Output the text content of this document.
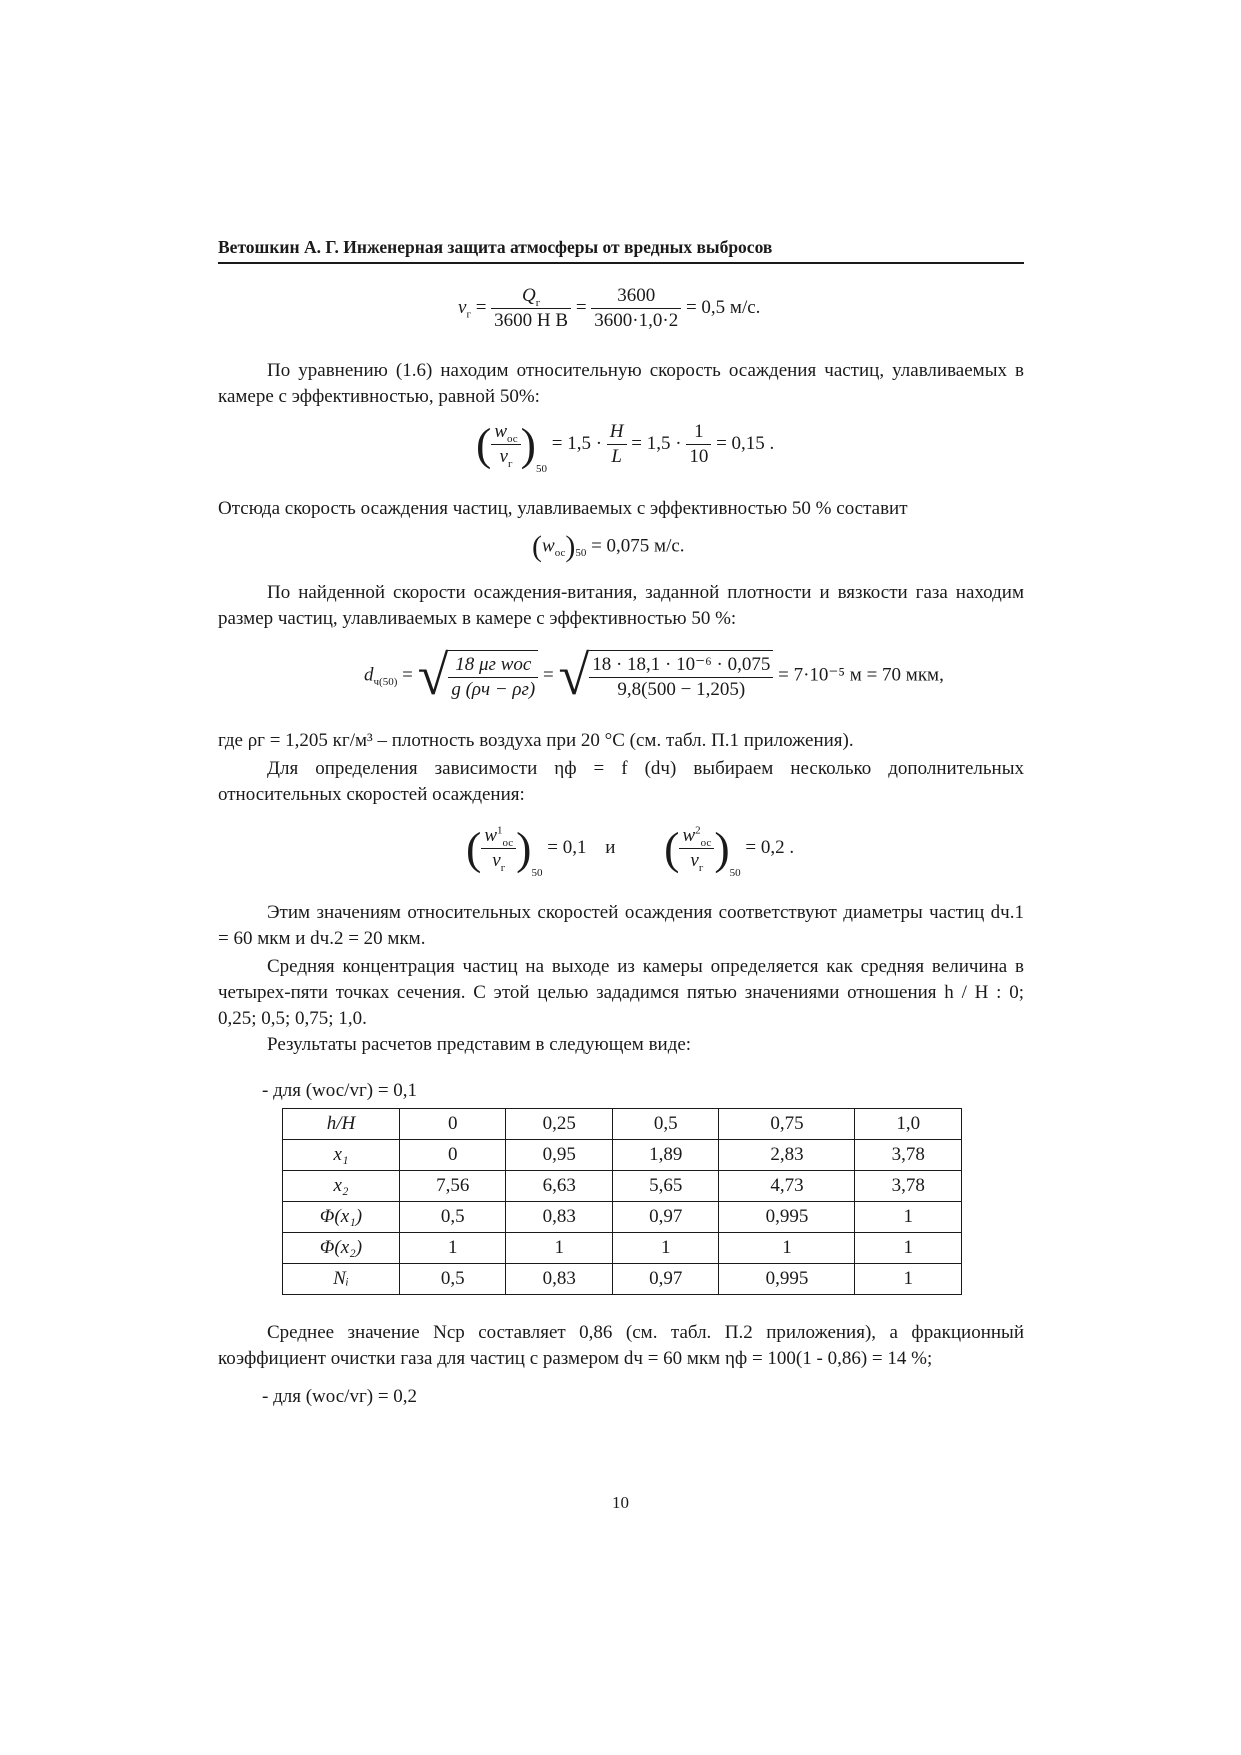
Ветошкин А. Г. Инженерная защита атмосферы от вредных выбросов
$v_г = \frac{Q_г}{\text{3600 H B}} = \frac{3600}{3600\cdot 1,0\cdot 2} = 0,5$ м/с.
По уравнению (1.6) находим относительную скорость осаждения частиц, улавливаемых в камере с эффективностью, равной 50%:
( $\frac{w_{ос}}{v_г} )_{50} = 1,5 \cdot \frac{H}{L} = 1,5 \cdot \frac{1}{10} = 0,15$ .
Отсюда скорость осаждения частиц, улавливаемых с эффективностью 50 % составит
$(w_{ос})_{50} = 0,075$ м/с.
По найденной скорости осаждения-витания, заданной плотности и вязкости газа находим размер частиц, улавливаемых в камере с эффективностью 50 %:
$d_{ч(50)}$ = √ $\frac{\text{18 μг wос}}{g (\rho ч - \rho г)}$ = √ $\frac{\text{18 · 18,1 · 10⁻⁶ · 0,075}}{9,8(500 - 1,205)} = 7\cdot 10^{-5}$ м = 70 мкм,
где ρг = 1,205 кг/м³ – плотность воздуха при 20 °С (см. табл. П.1 приложения).
Для определения зависимости ηф = f (dч) выбираем несколько дополнительных относительных скоростей осаждения:
( $\frac{w^1_{ос}}{v_г} )_{50} = 0,1$ и ( $\frac{w^2_{ос}}{v_г} )_{50} = 0,2$ .
Этим значениям относительных скоростей осаждения соответствуют диаметры частиц dч.1 = 60 мкм и dч.2 = 20 мкм.
Средняя концентрация частиц на выходе из камеры определяется как средняя величина в четырех-пяти точках сечения. С этой целью зададимся пятью значениями отношения h / H : 0; 0,25; 0,5; 0,75; 1,0.
Результаты расчетов представим в следующем виде:
- для (wос/vг) = 0,1
h/H	0	0,25	0,5	0,75	1,0
x₁	0	0,95	1,89	2,83	3,78
x₂	7,56	6,63	5,65	4,73	3,78
Φ(x₁)	0,5	0,83	0,97	0,995	1
Φ(x₂)	1	1	1	1	1
Nᵢ	0,5	0,83	0,97	0,995	1
Среднее значение Nср составляет 0,86 (см. табл. П.2 приложения), а фракционный коэффициент очистки газа для частиц с размером dч = 60 мкм ηф = 100(1 - 0,86) = 14 %;
- для (wос/vг) = 0,2
10
